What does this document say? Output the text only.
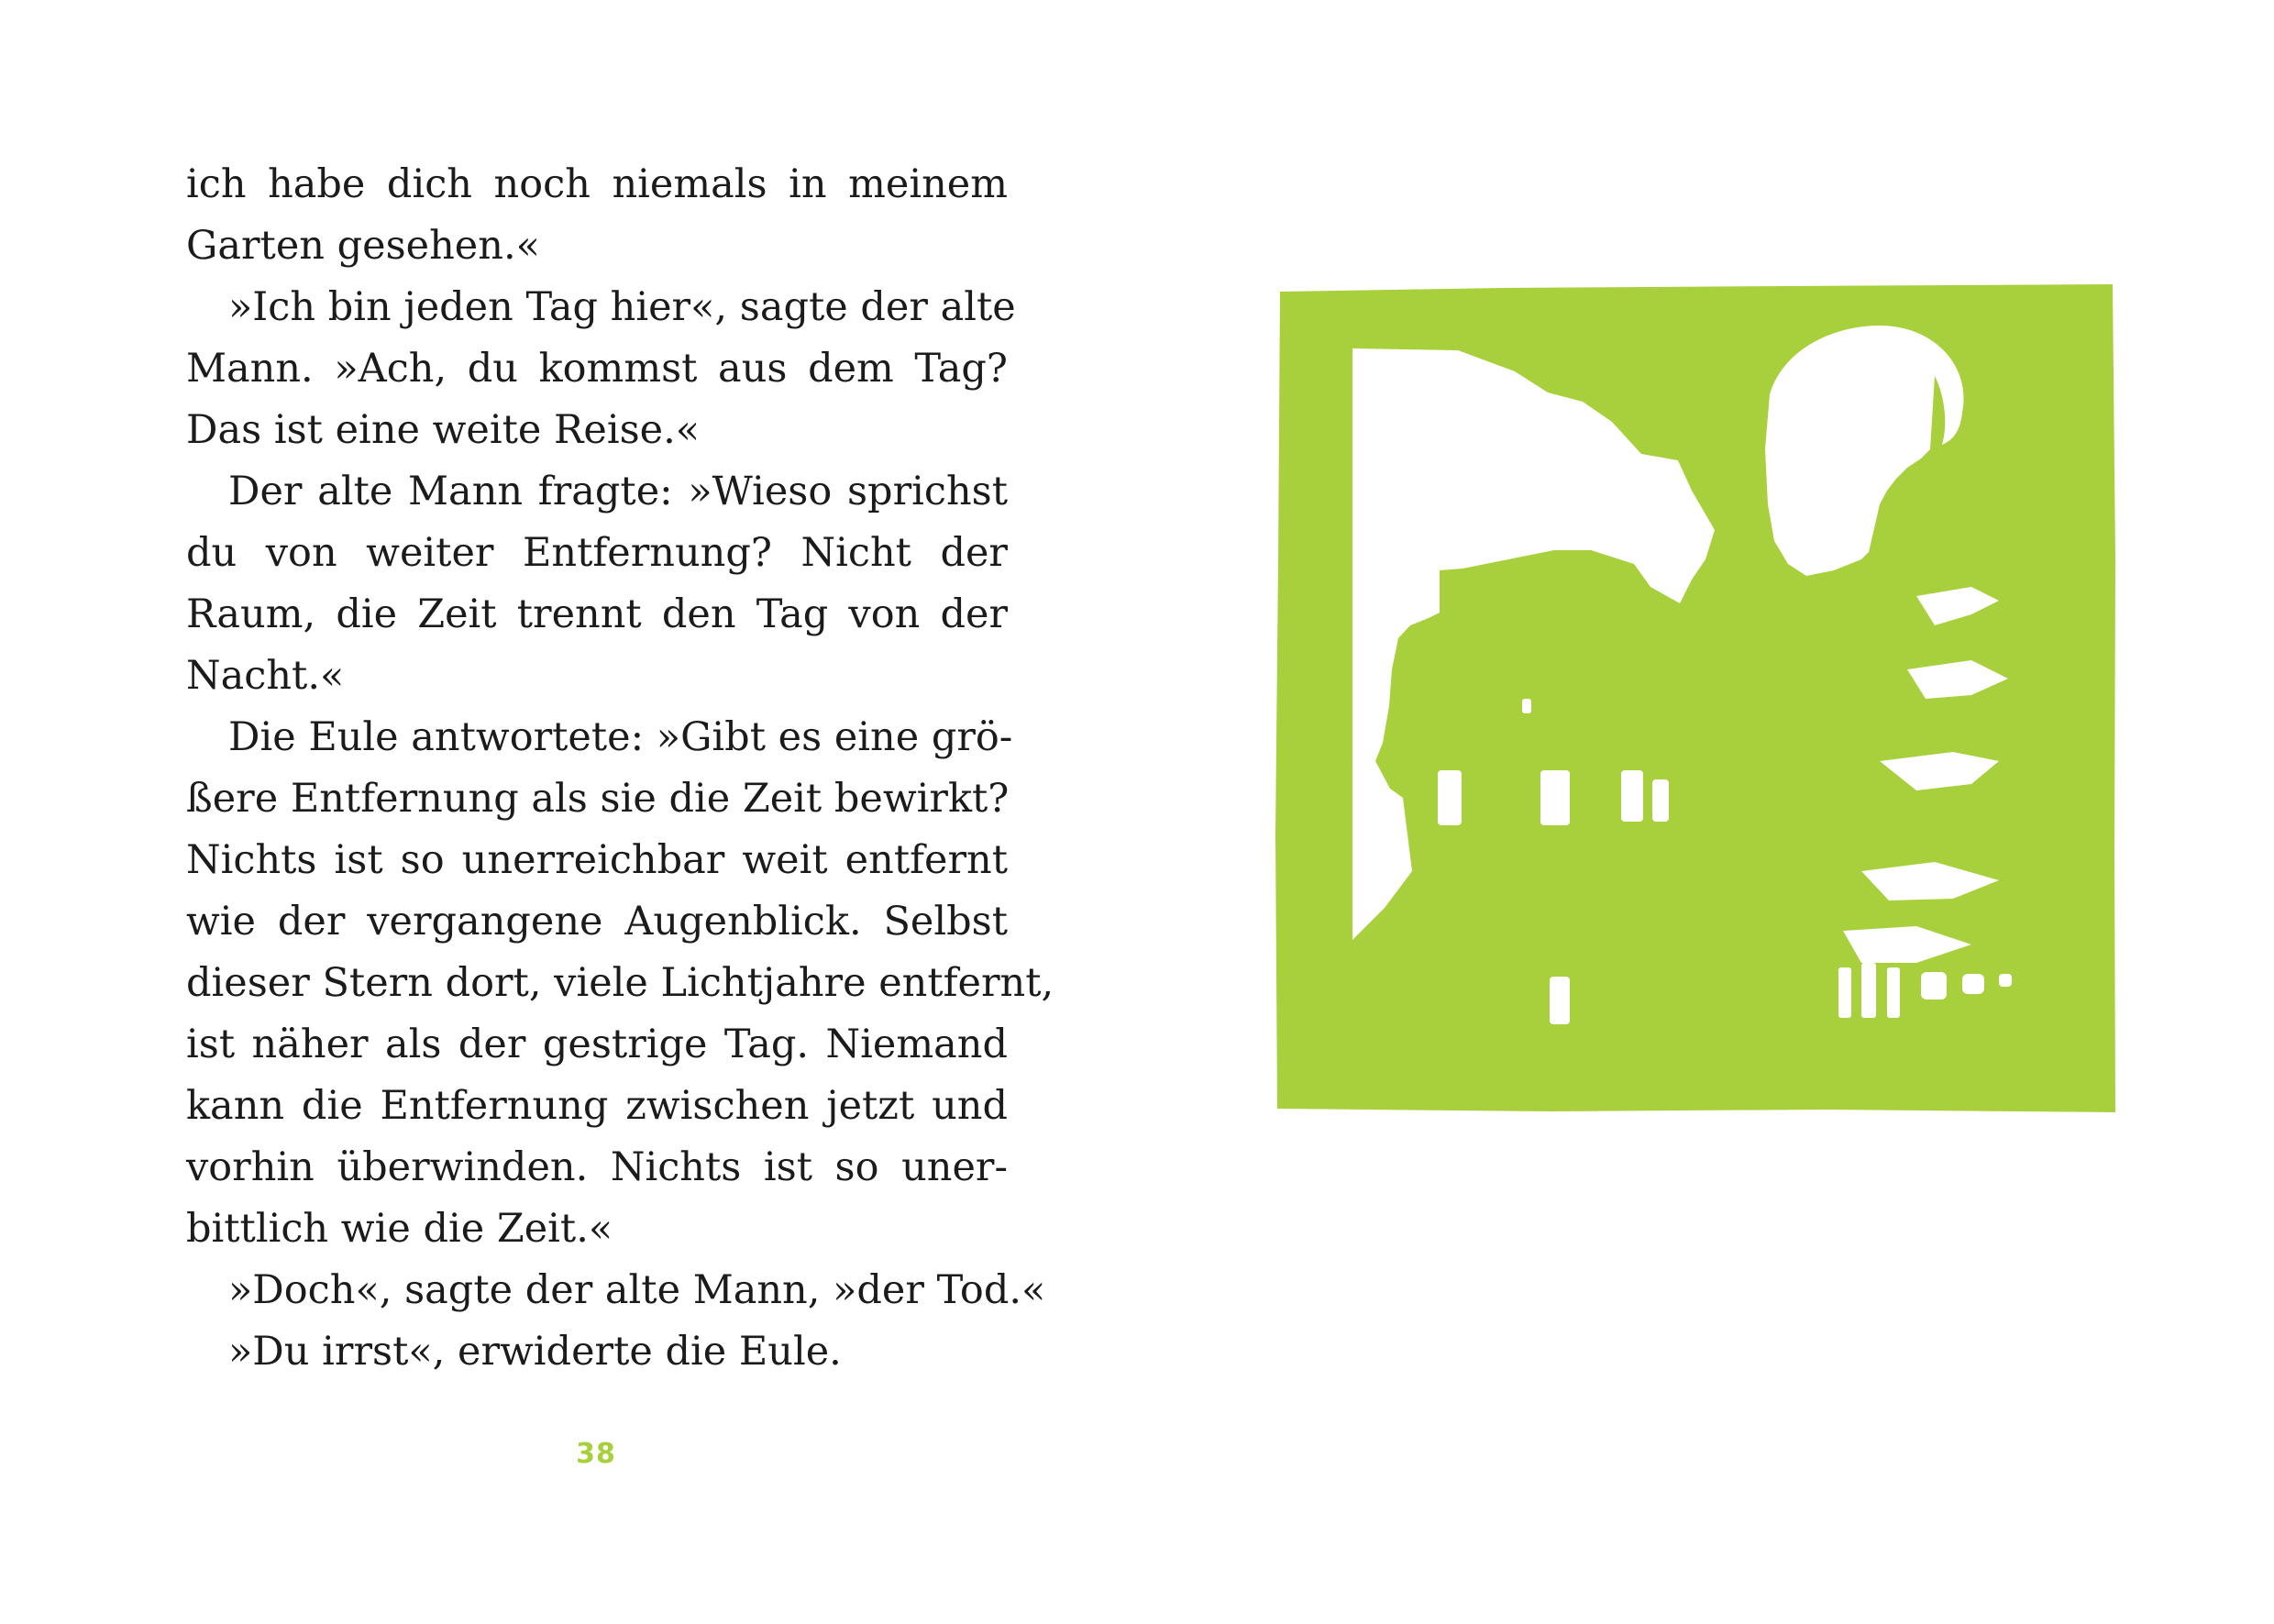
ich habe dich noch niemals in meinem
Garten gesehen.«
»Ich bin jeden Tag hier«, sagte der alte
Mann. »Ach, du kommst aus dem Tag?
Das ist eine weite Reise.«
Der alte Mann fragte: »Wieso sprichst
du von weiter Entfernung? Nicht der
Raum, die Zeit trennt den Tag von der
Nacht.«
Die Eule antwortete: »Gibt es eine grö-
ßere Entfernung als sie die Zeit bewirkt?
Nichts ist so unerreichbar weit entfernt
wie der vergangene Augenblick. Selbst
dieser Stern dort, viele Lichtjahre entfernt,
ist näher als der gestrige Tag. Niemand
kann die Entfernung zwischen jetzt und
vorhin überwinden. Nichts ist so uner-
bittlich wie die Zeit.«
»Doch«, sagte der alte Mann, »der Tod.«
»Du irrst«, erwiderte die Eule.
38
